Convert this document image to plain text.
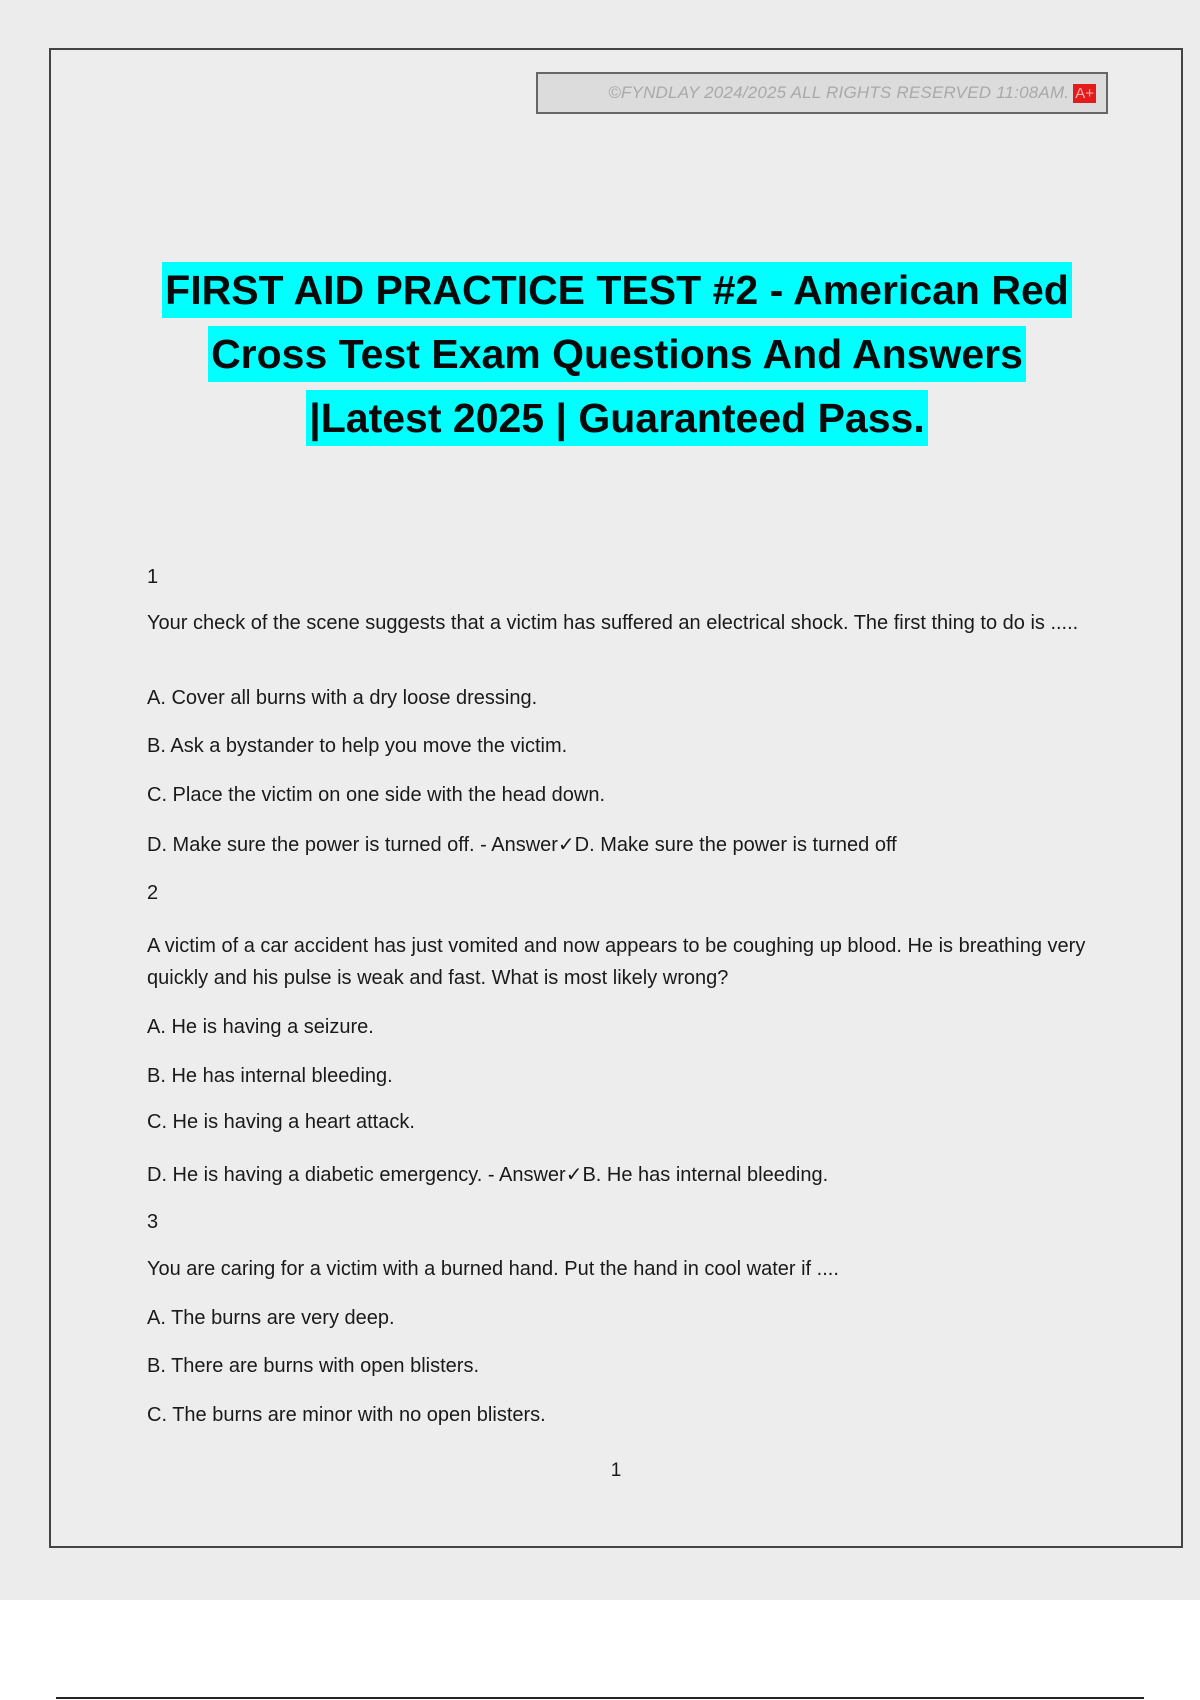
©FYNDLAY 2024/2025 ALL RIGHTS RESERVED 11:08AM. A+
FIRST AID PRACTICE TEST #2 - American Red
Cross Test Exam Questions And Answers
|Latest 2025 | Guaranteed Pass.
1
Your check of the scene suggests that a victim has suffered an electrical shock. The first thing to do is .....
A. Cover all burns with a dry loose dressing.
B. Ask a bystander to help you move the victim.
C. Place the victim on one side with the head down.
D. Make sure the power is turned off. - Answer✓D. Make sure the power is turned off
2
A victim of a car accident has just vomited and now appears to be coughing up blood. He is breathing very quickly and his pulse is weak and fast. What is most likely wrong?
A. He is having a seizure.
B. He has internal bleeding.
C. He is having a heart attack.
D. He is having a diabetic emergency. - Answer✓B. He has internal bleeding.
3
You are caring for a victim with a burned hand. Put the hand in cool water if ....
A. The burns are very deep.
B. There are burns with open blisters.
C. The burns are minor with no open blisters.
1
